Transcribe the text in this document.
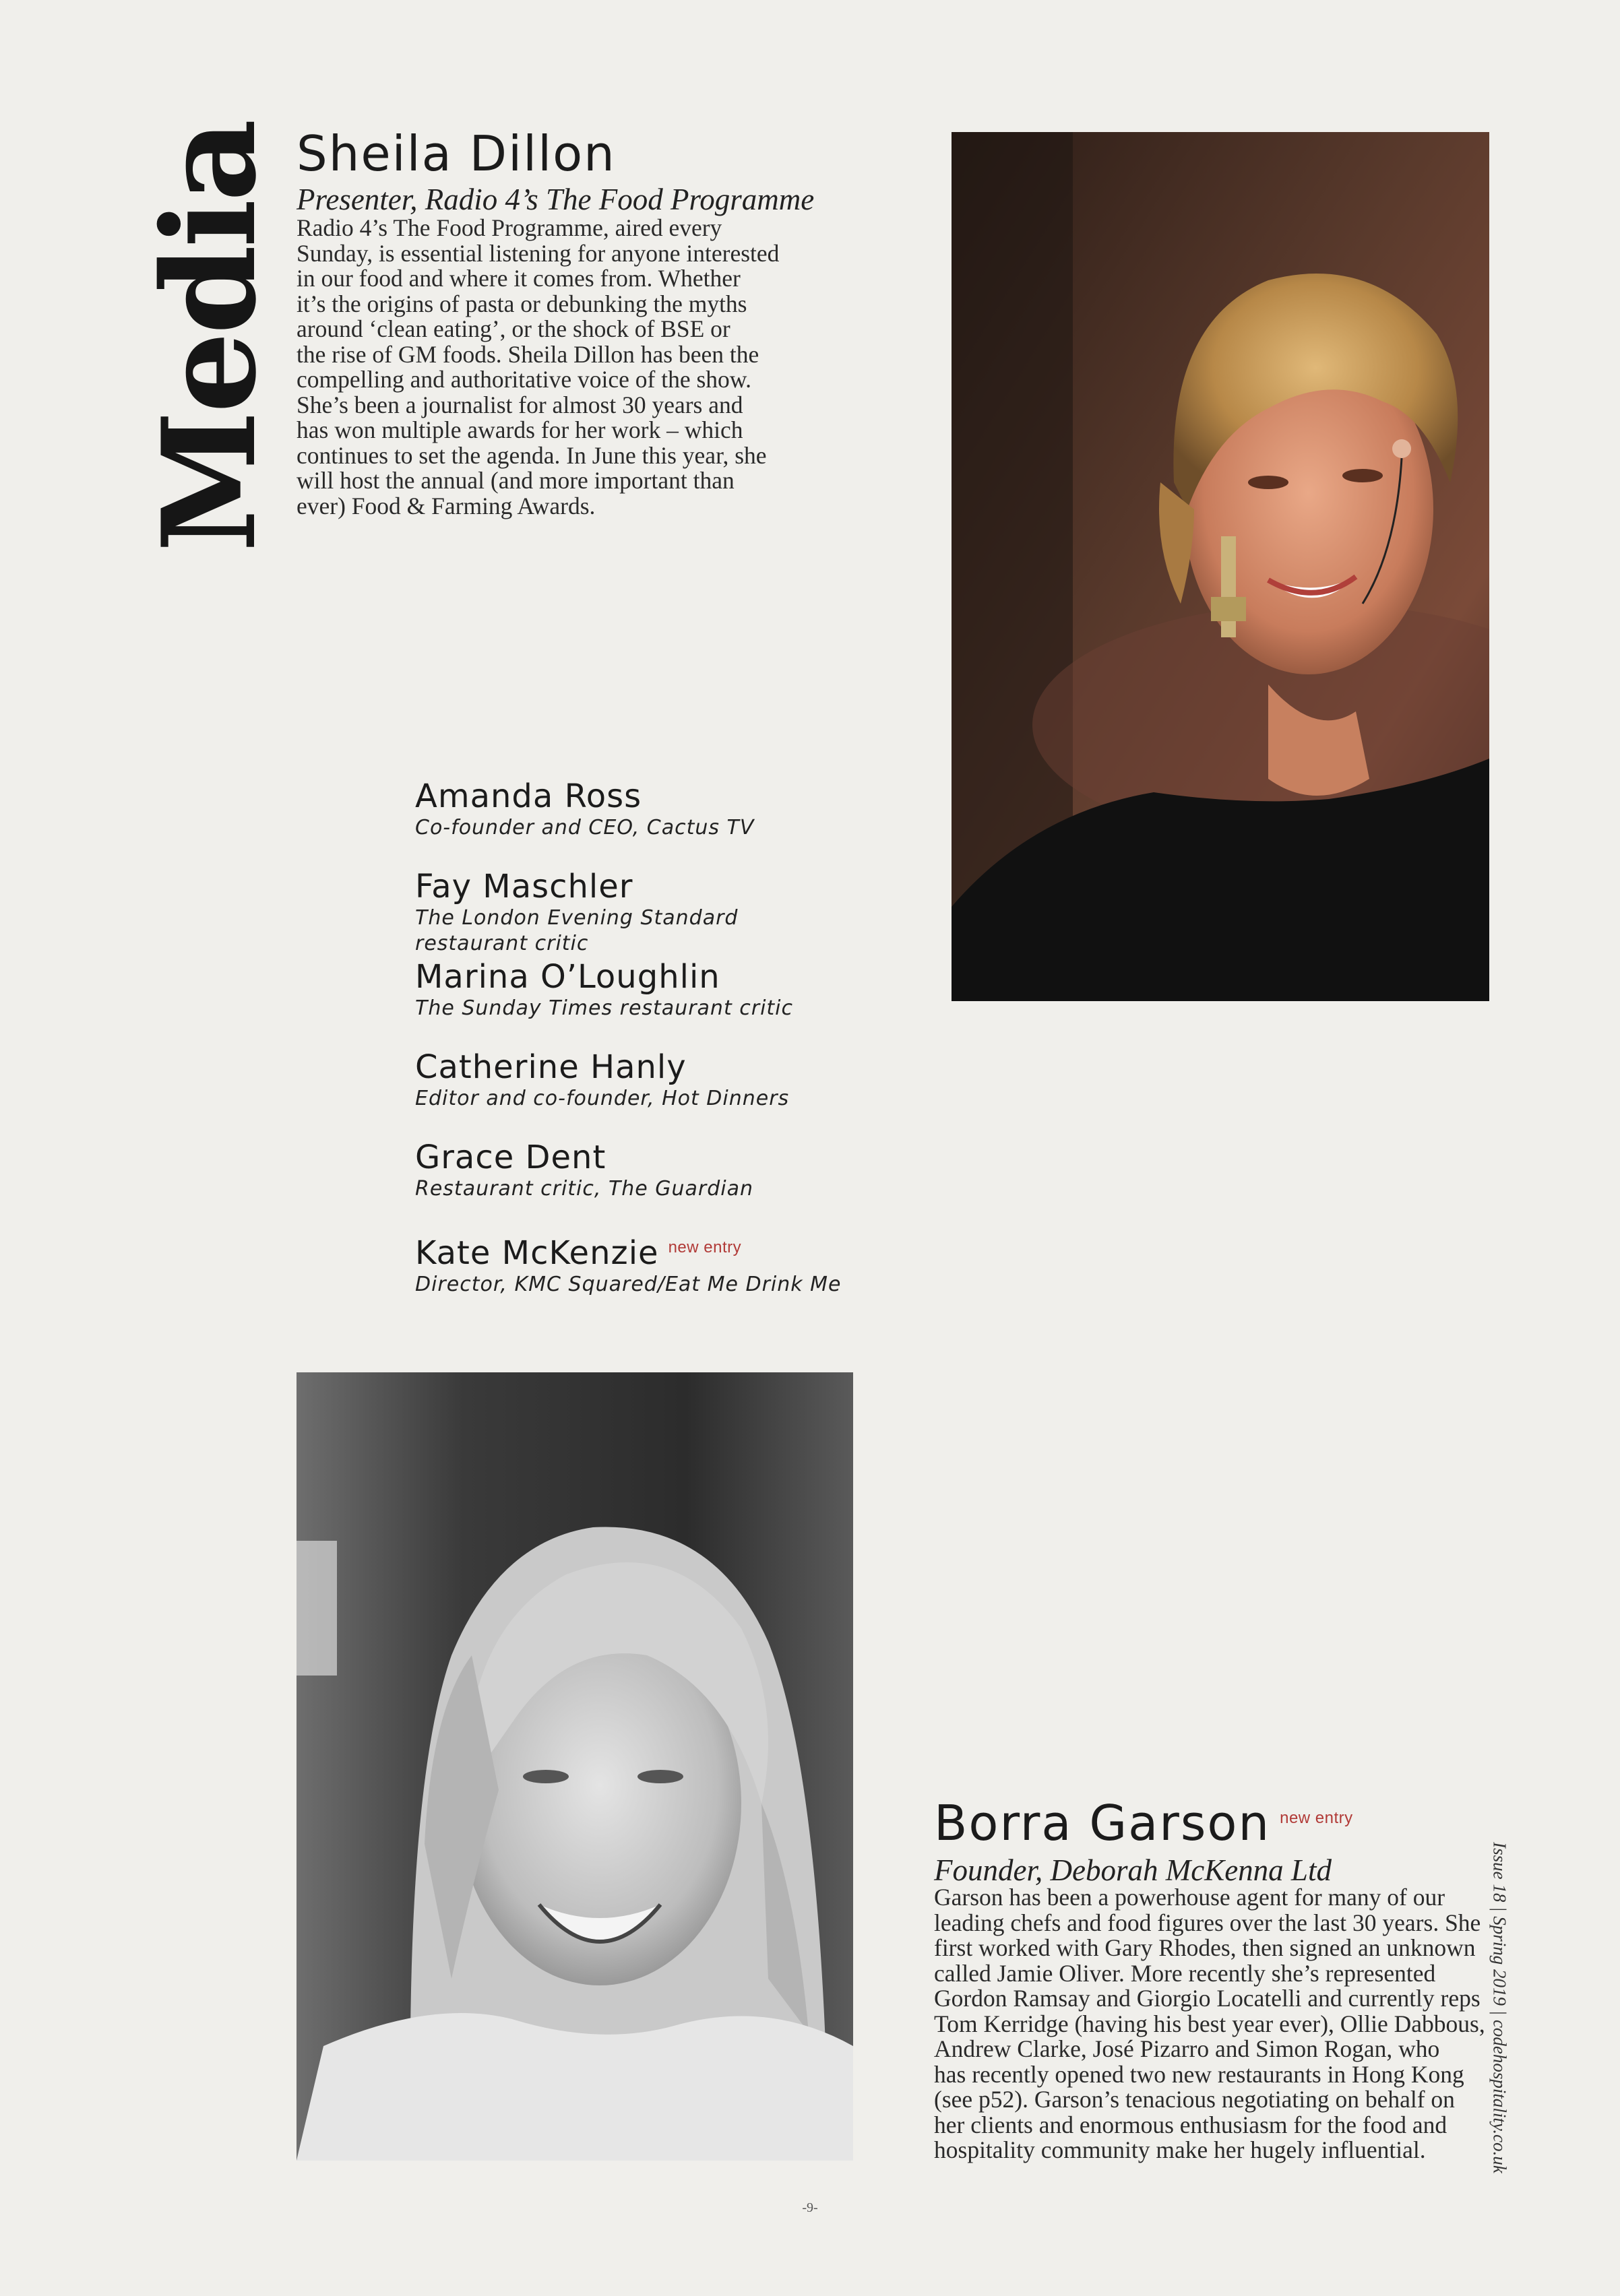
Media Sheila Dillon
Presenter, Radio 4’s The Food Programme
Radio 4’s The Food Programme, aired every
Sunday, is essential listening for anyone interested
in our food and where it comes from. Whether
it’s the origins of pasta or debunking the myths
around ‘clean eating’, or the shock of BSE or
the rise of GM foods. Sheila Dillon has been the
compelling and authoritative voice of the show.
She’s been a journalist for almost 30 years and
has won multiple awards for her work – which
continues to set the agenda. In June this year, she
will host the annual (and more important than
ever) Food & Farming Awards.
Amanda Ross
Co-founder and CEO, Cactus TV
Fay Maschler
The London Evening Standard
restaurant critic
Marina O’Loughlin
The Sunday Times restaurant critic
Catherine Hanly
Editor and co-founder, Hot Dinners
Grace Dent
Restaurant critic, The Guardian
Kate McKenzie $^{new entry}$
Director, KMC Squared/Eat Me Drink Me
Borra Garson $^{new entry}$
Founder, Deborah McKenna Ltd
Garson has been a powerhouse agent for many of our
leading chefs and food figures over the last 30 years. She
first worked with Gary Rhodes, then signed an unknown
called Jamie Oliver. More recently she’s represented
Gordon Ramsay and Giorgio Locatelli and currently reps
Tom Kerridge (having his best year ever), Ollie Dabbous,
Andrew Clarke, José Pizarro and Simon Rogan, who
has recently opened two new restaurants in Hong Kong
(see p52). Garson’s tenacious negotiating on behalf on
her clients and enormous enthusiasm for the food and
hospitality community make her hugely influential.	Issue 18 | Spring 2019 | codehospitality.co.uk
-9-
